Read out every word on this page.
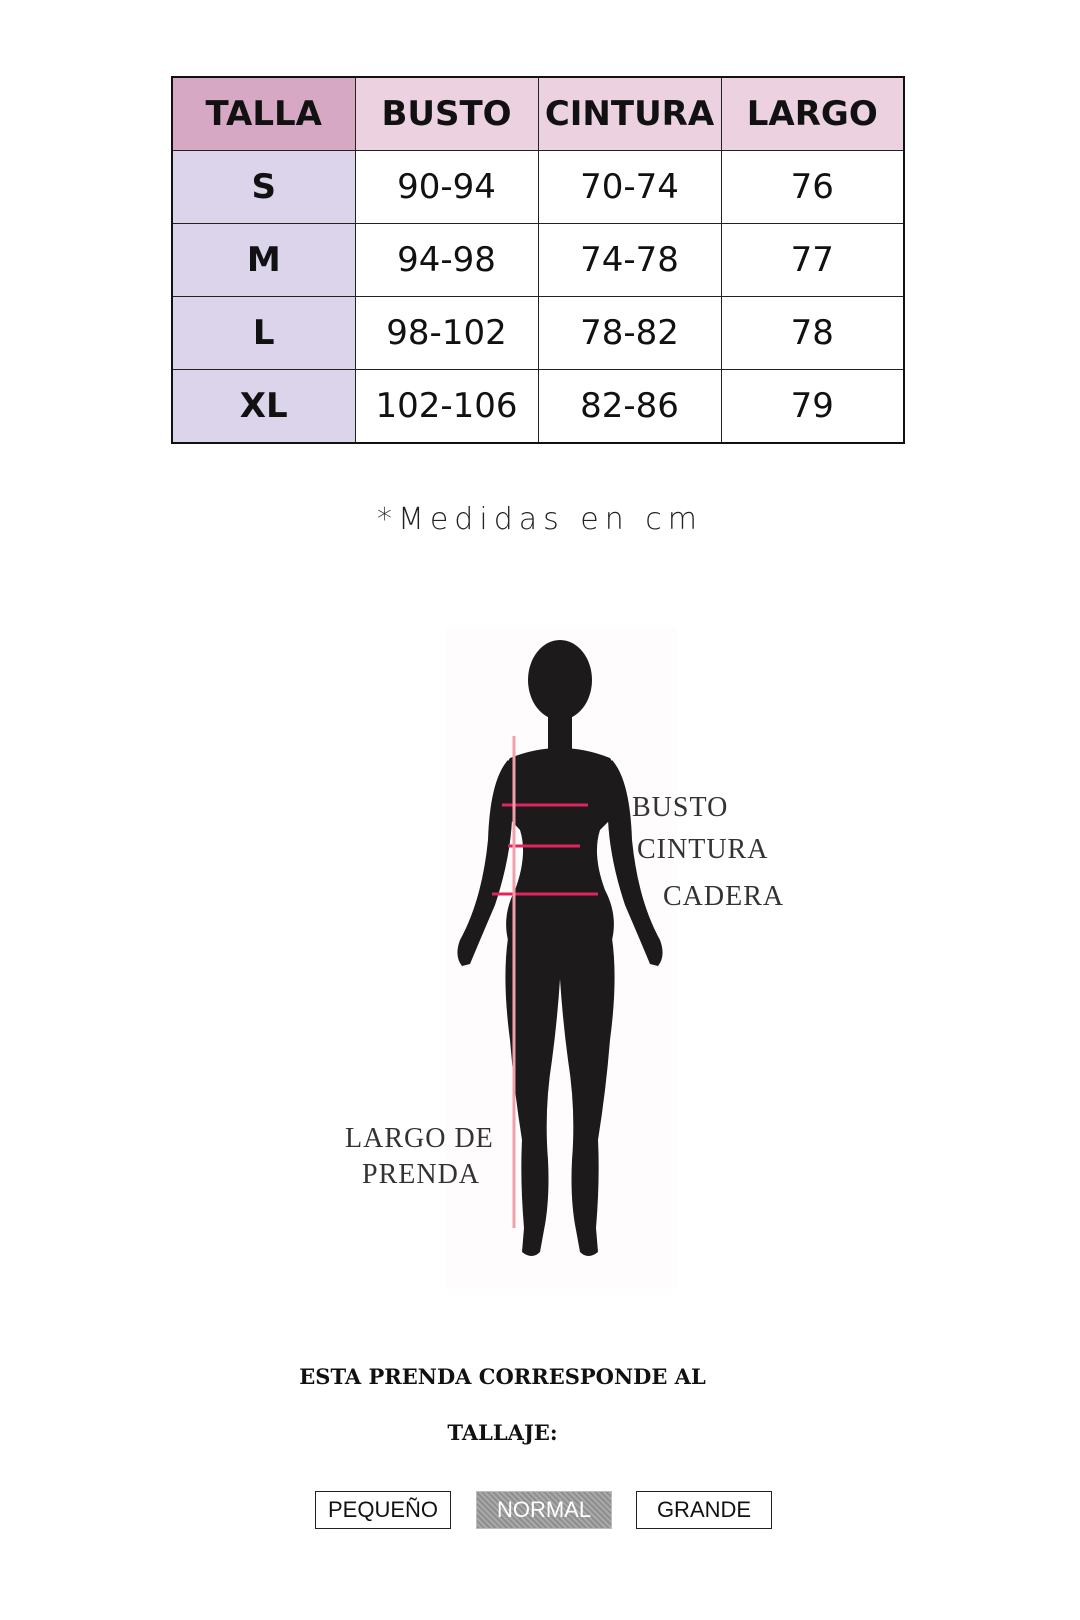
TALLA	BUSTO	CINTURA	LARGO
S	90-94	70-74	76
M	94-98	74-78	77
L	98-102	78-82	78
XL	102-106	82-86	79
*Medidas en cm
BUSTO
CINTURA
CADERA
LARGO DE
PRENDA
ESTA PRENDA CORRESPONDE AL
TALLAJE:
PEQUEÑO	NORMAL	GRANDE
